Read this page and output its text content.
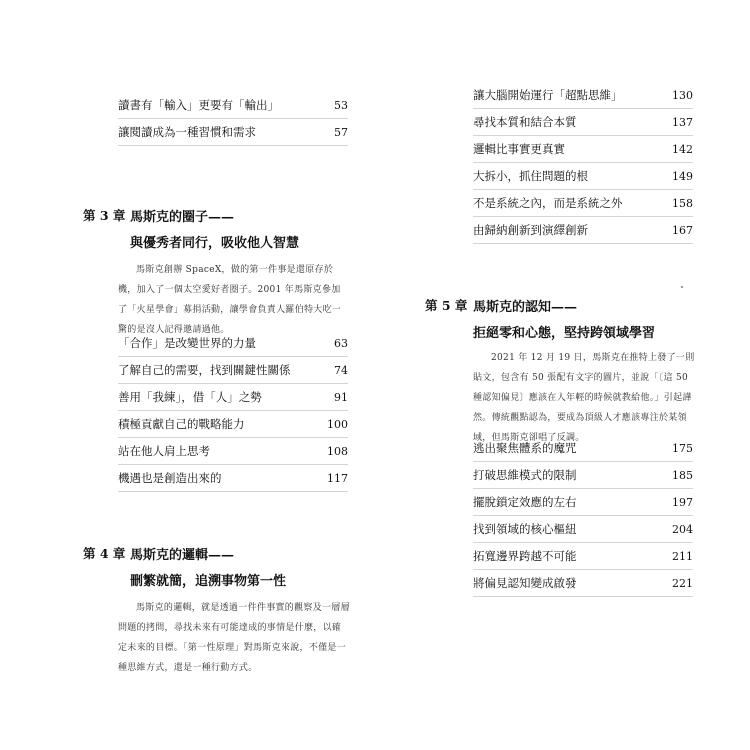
讀書有「輸入」更要有「輸出」	53
讓閱讀成為一種習慣和需求	57
第 3 章 馬斯克的圈子——
與優秀者同行，吸收他人智慧

馬斯克創辦 SpaceX，做的第一件事是還原存於機，加入了一個太空愛好者圈子。2001 年馬斯克參加了「火星學會」募捐活動，讓學會負責人羅伯特大吃一驚的是沒人記得邀請過他。

「合作」是改變世界的力量	63
了解自己的需要，找到關鍵性關係	74
善用「我練」，借「人」之勢	91
積極貢獻自己的戰略能力	100
站在他人肩上思考	108
機遇也是創造出來的	117
第 4 章 馬斯克的邏輯——
刪繁就簡，追溯事物第一性

馬斯克的邏輯，就是透過一件件事實的觀察及一層層問題的拷問，尋找未來有可能達成的事情是什麼，以確定未來的目標。「第一性原理」對馬斯克來說，不僅是一種思維方式，還是一種行動方式。

讓大腦開始運行「超點思維」	130
尋找本質和結合本質	137
邏輯比事實更真實	142
大拆小，抓住問題的根	149
不是系統之內，而是系統之外	158
由歸納創新到演繹創新	167
第 5 章 馬斯克的認知——
拒絕零和心態，堅持跨領域學習

2021 年 12 月 19 日，馬斯克在推特上發了一則貼文，包含有 50 張配有文字的圖片，並說「〔這 50 種認知偏見〕應該在人年輕的時候就教給他。」引起譁然。傳統觀點認為，要成為頂級人才應該專注於某領域，但馬斯克卻唱了反調。

逃出聚焦體系的魔咒	175
打破思維模式的限制	185
擺脫鎖定效應的左右	197
找到領域的核心樞紐	204
拓寬邊界跨越不可能	211
將偏見認知變成啟發	221
